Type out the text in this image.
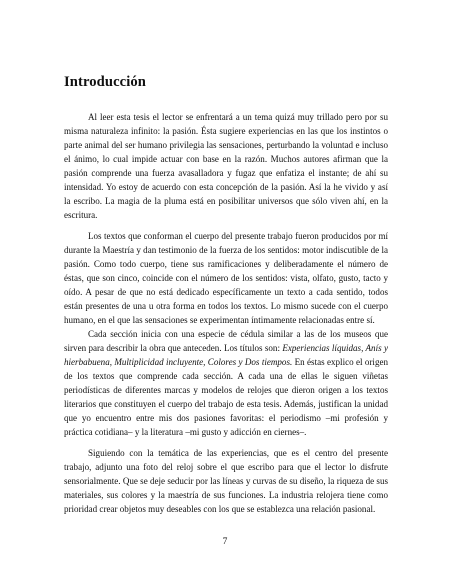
Introducción

Al leer esta tesis el lector se enfrentará a un tema quizá muy trillado pero por su misma naturaleza infinito: la pasión. Ésta sugiere experiencias en las que los instintos o parte animal del ser humano privilegia las sensaciones, perturbando la voluntad e incluso el ánimo, lo cual impide actuar con base en la razón. Muchos autores afirman que la pasión comprende una fuerza avasalladora y fugaz que enfatiza el instante; de ahí su intensidad. Yo estoy de acuerdo con esta concepción de la pasión. Así la he vivido y así la escribo. La magia de la pluma está en posibilitar universos que sólo viven ahí, en la escritura.

Los textos que conforman el cuerpo del presente trabajo fueron producidos por mí durante la Maestría y dan testimonio de la fuerza de los sentidos: motor indiscutible de la pasión. Como todo cuerpo, tiene sus ramificaciones y deliberadamente el número de éstas, que son cinco, coincide con el número de los sentidos: vista, olfato, gusto, tacto y oído. A pesar de que no está dedicado específicamente un texto a cada sentido, todos están presentes de una u otra forma en todos los textos. Lo mismo sucede con el cuerpo humano, en el que las sensaciones se experimentan íntimamente relacionadas entre sí.

Cada sección inicia con una especie de cédula similar a las de los museos que sirven para describir la obra que anteceden. Los títulos son: Experiencias líquidas, Anís y hierbabuena, Multiplicidad incluyente, Colores y Dos tiempos. En éstas explico el origen de los textos que comprende cada sección. A cada una de ellas le siguen viñetas periodísticas de diferentes marcas y modelos de relojes que dieron origen a los textos literarios que constituyen el cuerpo del trabajo de esta tesis. Además, justifican la unidad que yo encuentro entre mis dos pasiones favoritas: el periodismo –mi profesión y práctica cotidiana– y la literatura –mi gusto y adicción en ciernes–.

Siguiendo con la temática de las experiencias, que es el centro del presente trabajo, adjunto una foto del reloj sobre el que escribo para que el lector lo disfrute sensorialmente. Que se deje seducir por las líneas y curvas de su diseño, la riqueza de sus materiales, sus colores y la maestría de sus funciones. La industria relojera tiene como prioridad crear objetos muy deseables con los que se establezca una relación pasional.

7
